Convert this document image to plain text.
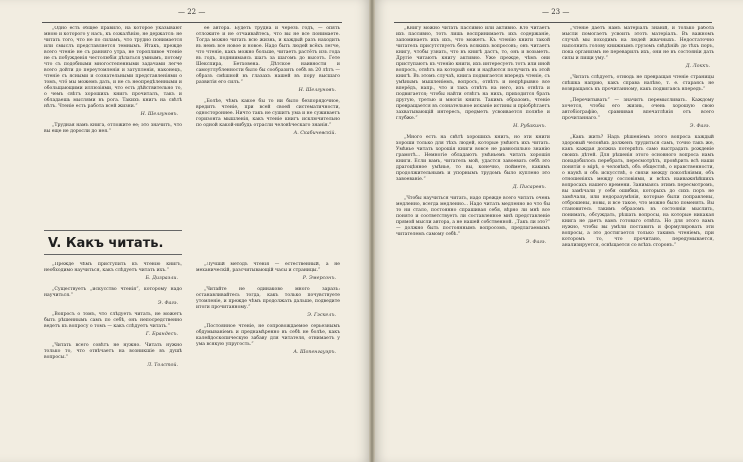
— 22 —

„Одно есть общее правило, на которое указывают мною и которого у насъ, къ сожалѣнію, не держатся: не читать того, что не по силамъ, что трудно понимается или смыслъ представляется темнымъ. Итакъ, прежде всего чтеніе не съ ранняго утра, не торопливое чтеніе не съ побужденія честолюбія дѣлаться умнымъ, потому что съ подобными многостепенными задачами легче всего дойти до переутомленія и затупленія, наконецъ, чтеніе съ ясными и сознательными представленіями о томъ, чтó мы можемъ дать, и не съ неопредѣленными и обольщающими иллюзіями, что есть дѣйствительно то, о чемъ свѣтъ хорошихъ книгъ прочиталъ, такъ и обладаешь мыслями въ рога. Такихъ книгъ на свѣтѣ нѣтъ. Чтеніе есть работа всей жизни.“

Н. Шелгуновъ.

„Трудная намъ книга, отложите ее; это значитъ, что вы еще не доросли до нея.“

ее автора. Будеть трудна и черезъ годъ, — опять отложите и не отчаивайтесь, что вы не все понимаете. Тогда можно читать всю жизнь, и каждый разъ находить въ немъ все новое и новое. Надо быть людей всёхъ легче, что чтеніе, какъ можно больше, читаетъ растётъ изъ года въ годъ, подниимаясь шагъ за шагомъ до высотъ. Гете Шекспира, Бетховена. Дѣтское наивности и самоуглубленности было бы сообразить себѣ въ 20 лѣтъ — образъ смѣшной въ глазахъ нашей въ пору высшаго развитія его силъ.“

Н. Шелгуновъ.

„Болѣе, чѣмъ какое бы то ни было безпорядочное, вредитъ чтеніе, при всей своей систематичности, одностороннее. Ничто такъ не сушитъ ума и не суживаетъ горизонта мышленія, какъ чтеніе книгъ исключительно по одной какой-нибудь отрасли человѣческаго знанія.“

А. Скабичевскій.
V. Какъ читать.

„Прежде чѣмъ приступить къ чтенію книгъ, необходимо научиться, какъ слѣдуетъ читать ихъ.“

Б. Дизраэли.

„Существуетъ „искусство чтенія“, которому надо научиться.“

Э. Фагэ.

„Вопросъ о томъ, что слѣдуетъ читать, не можетъ быть рѣшеннымъ самъ по себѣ, онъ непосредственно ведетъ къ вопросу о томъ — какъ слѣдуетъ читать.“

Г. Брандесъ.

„Читать всего совѣтъ не нужно. Читать нужно только то, что отвѣчаетъ на возникшіе въ душѣ вопросы.“

Л. Толстой.

„Лучшій методъ чтенія — естественный, а не механическій, разсчитывающій часы и страницы.“

Р. Эмерсонъ.

„Читайте не одинаково много заразъ: останавливайтесь тогда, какъ только почувствуете утомленіе, и прежде чѣмъ продолжать дальше, подведите итоги прочитанному.“

Э. Гэскелъ.

„Постоянное чтеніе, не сопровождаемое серьезнымъ обдумываніемъ и преднамѣренно въ себѣ не болѣе, какъ калейдоскопическую забаву для читателя, отнимаетъ у ума всякую упругость.“

А. Шопенгауэръ.
— 23 —

„Книгу можно читать пассивно или активно. Кто читаетъ ихъ пассивно, тотъ лишь воспринимаетъ ихъ содержаніе, запоминаетъ ихъ ихъ, что можетъ. Къ чтенію книги такой читатель присутствуетъ безъ всякихъ вопросовъ; онъ читаетъ книгу, чтобы узнать, что въ книгѣ дастъ, то, онъ и возьметъ. Другіе читаютъ книгу активно. Уже прежде, чѣмъ они приступаютъ къ чтенію книги, ихъ интересуетъ тотъ или иной вопросъ, отвѣтъ на который они и надѣются получить въ этой книгѣ. Въ этомъ случаѣ, книга подвигается впередъ чтеніе, съ умѣнымъ мышленіемъ, вопросъ, отвѣтъ и непрѣрывно все вперёдъ, напр., что и такъ отвѣтъ на него, изъ отвѣта и подвигается; чтобы найти отвѣтъ на нихъ, приходится брать другую, третью и многія книги. Такимъ образомъ, чтеніе превращается въ сознательное исканіе истины и пріобрѣтаетъ захватывающій интересъ, предметъ усвоивается полнѣе и глубже.“

Н. Рубакинъ.

„Много естъ на свѣтѣ хорошихъ книгъ, но эти книги хороши только для тѣхъ людей, которые умѣютъ ихъ читать. Умѣнье читать хорошія книги вовсе не равносильно знанію грамотѣ... Немногіе обладаютъ умѣньемъ читать хорошія книги. Если вамъ, читатель мой, удастся завоевать себѣ это драгоцѣнное умѣнье, то вы, конечно, поймете, какимъ продолжительнымъ и упорнымъ трудомъ было куплено это завоеваніе.“

Д. Писаревъ.

„Чтобы научиться читать, надо прежде всего читать очень медленно, всегда медленно... Надо читать медленно во что бы то ни стало, постоянно спрашивая себя, вѣрно ли мнѣ все понято и соответствуетъ ли составленное мнѣ представленіе прямой мысли автора, а не нашей собственной. „Такъ ли это?“ — должно быть постояннымъ вопросомъ, предлагаемымъ читателемъ самому себѣ.“

Э. Фагэ.

„Чтеніе даетъ намъ матеріалъ знаній, и только работа мысли помогаетъ усвоить этотъ матеріалъ. Въ важномъ случаѣ мы походимъ на людей жвачныхъ. Недостаточно наполнить голову книжнымъ грузомъ свѣдѣній: до тѣхъ поръ, пока организмъ не переварилъ ихъ, они не въ состояніи дать силы и пищи уму.“

Д. Локкъ.

„Читать слѣдуетъ, отнюдь не превращая чтеніе страницы спѣшка наприо, какъ справа налѣво, т. е. стараясь не возвращаясь къ прочитанному, какъ подвигаясь впередъ.“

„Перечитывать“ — значитъ перемысливать. Каждому хочется, чтобы его жизнь, очень хорошую свою автобіографію, сравнивая впечатлѣнія отъ всего прочитаннаго.“

Э. Фагэ.

„Какъ жить? Надъ рѣшеніемъ этого вопроса каждый здоровый человѣкъ долженъ трудиться самъ, точно такъ же, какъ каждая должна потерпѣть само выстрадать рожденіе своихъ дѣтей. Для рѣшенія этого основного вопроса намъ понадобилось перебрать, пересмотрѣть, провѣрить всѣ наши понятія о мірѣ, о человѣкѣ, объ обществѣ, о нравственности, о наукѣ и объ искусствѣ, о связи между поколѣніями, объ отношеніяхъ между сословіями, и всѣхъ наиважнѣйшихъ вопросахъ нашего времени. Занимаясь этимъ пересмотромъ, вы замѣчали у себя ошибки, которыхъ до сихъ поръ не замѣчали, или недоразумѣнія, которые были поправлены, отброшены, новы, и все такое, что можно было поменять. Вы становитесь такимъ образомъ въ состояніи мыслить, понимать, обсуждать, рѣшать вопросы, на которые никакая книга не даетъ вамъ готоваго отвѣта. Но для этого вамъ нужно, чтобы вы умѣли поставить и формулировать эти вопросы, а это достигается только такимъ чтеніемъ, при которомъ то, что прочитано, передумывается, анализируется, освѣщается со всѣхъ сторонъ.“
